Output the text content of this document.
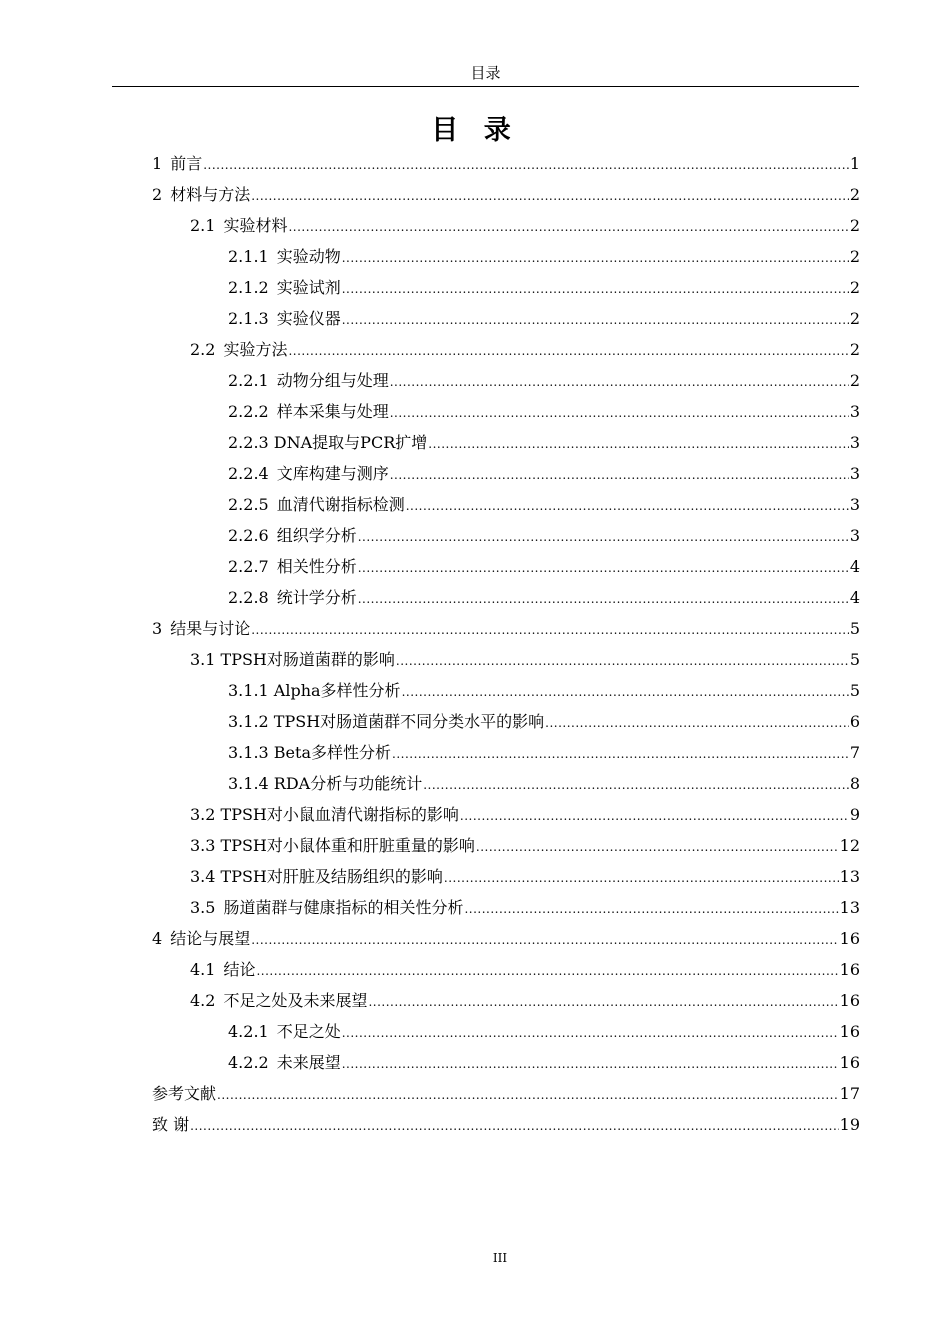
目录
目 录
1 前言 .....	1
2 材料与方法 .....	2
2.1 实验材料 .....	2
2.1.1 实验动物 .....	2
2.1.2 实验试剂 .....	2
2.1.3 实验仪器 .....	2
2.2 实验方法 .....	2
2.2.1 动物分组与处理 .....	2
2.2.2 样本采集与处理 .....	3
2.2.3 DNA提取与PCR扩增 .....	3
2.2.4 文库构建与测序 .....	3
2.2.5 血清代谢指标检测 .....	3
2.2.6 组织学分析 .....	3
2.2.7 相关性分析 .....	4
2.2.8 统计学分析 .....	4
3 结果与讨论 .....	5
3.1 TPSH对肠道菌群的影响 .....	5
3.1.1 Alpha多样性分析 .....	5
3.1.2 TPSH对肠道菌群不同分类水平的影响 .....	6
3.1.3 Beta多样性分析 .....	7
3.1.4 RDA分析与功能统计 .....	8
3.2 TPSH对小鼠血清代谢指标的影响 .....	9
3.3 TPSH对小鼠体重和肝脏重量的影响 .....	12
3.4 TPSH对肝脏及结肠组织的影响 .....	13
3.5 肠道菌群与健康指标的相关性分析 .....	13
4 结论与展望 .....	16
4.1 结论 .....	16
4.2 不足之处及未来展望 .....	16
4.2.1 不足之处 .....	16
4.2.2 未来展望 .....	16
参考文献 .....	17
致 谢 .....	19
III
